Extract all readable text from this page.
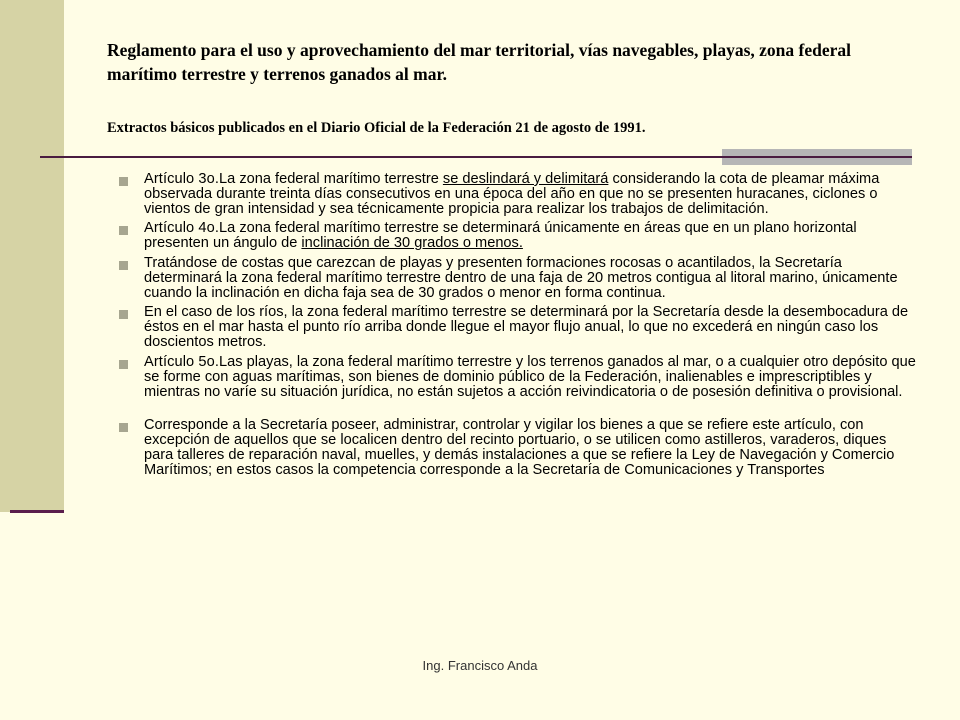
Reglamento para el uso y aprovechamiento del mar territorial, vías navegables, playas, zona federal marítimo terrestre y terrenos ganados al mar.
Extractos básicos publicados en el Diario Oficial de la Federación 21 de agosto de 1991.
Artículo 3o.La zona federal marítimo terrestre se deslindará y delimitará considerando la cota de pleamar máxima observada durante treinta días consecutivos en una época del año en que no se presenten huracanes, ciclones o vientos de gran intensidad y sea técnicamente propicia para realizar los trabajos de delimitación.
Artículo 4o.La zona federal marítimo terrestre se determinará únicamente en áreas que en un plano horizontal presenten un ángulo de inclinación de 30 grados o menos.
Tratándose de costas que carezcan de playas y presenten formaciones rocosas o acantilados, la Secretaría determinará la zona federal marítimo terrestre dentro de una faja de 20 metros contigua al litoral marino, únicamente cuando la inclinación en dicha faja sea de 30 grados o menor en forma continua.
En el caso de los ríos, la zona federal marítimo terrestre se determinará por la Secretaría desde la desembocadura de éstos en el mar hasta el punto río arriba donde llegue el mayor flujo anual, lo que no excederá en ningún caso los doscientos metros.
Artículo 5o.Las playas, la zona federal marítimo terrestre y los terrenos ganados al mar, o a cualquier otro depósito que se forme con aguas marítimas, son bienes de dominio público de la Federación, inalienables e imprescriptibles y mientras no varíe su situación jurídica, no están sujetos a acción reivindicatoria o de posesión definitiva o provisional.
Corresponde a la Secretaría poseer, administrar, controlar y vigilar los bienes a que se refiere este artículo, con excepción de aquellos que se localicen dentro del recinto portuario, o se utilicen como astilleros, varaderos, diques para talleres de reparación naval, muelles, y demás instalaciones a que se refiere la Ley de Navegación y Comercio Marítimos; en estos casos la competencia corresponde a la Secretaría de Comunicaciones y Transportes
Ing. Francisco Anda
